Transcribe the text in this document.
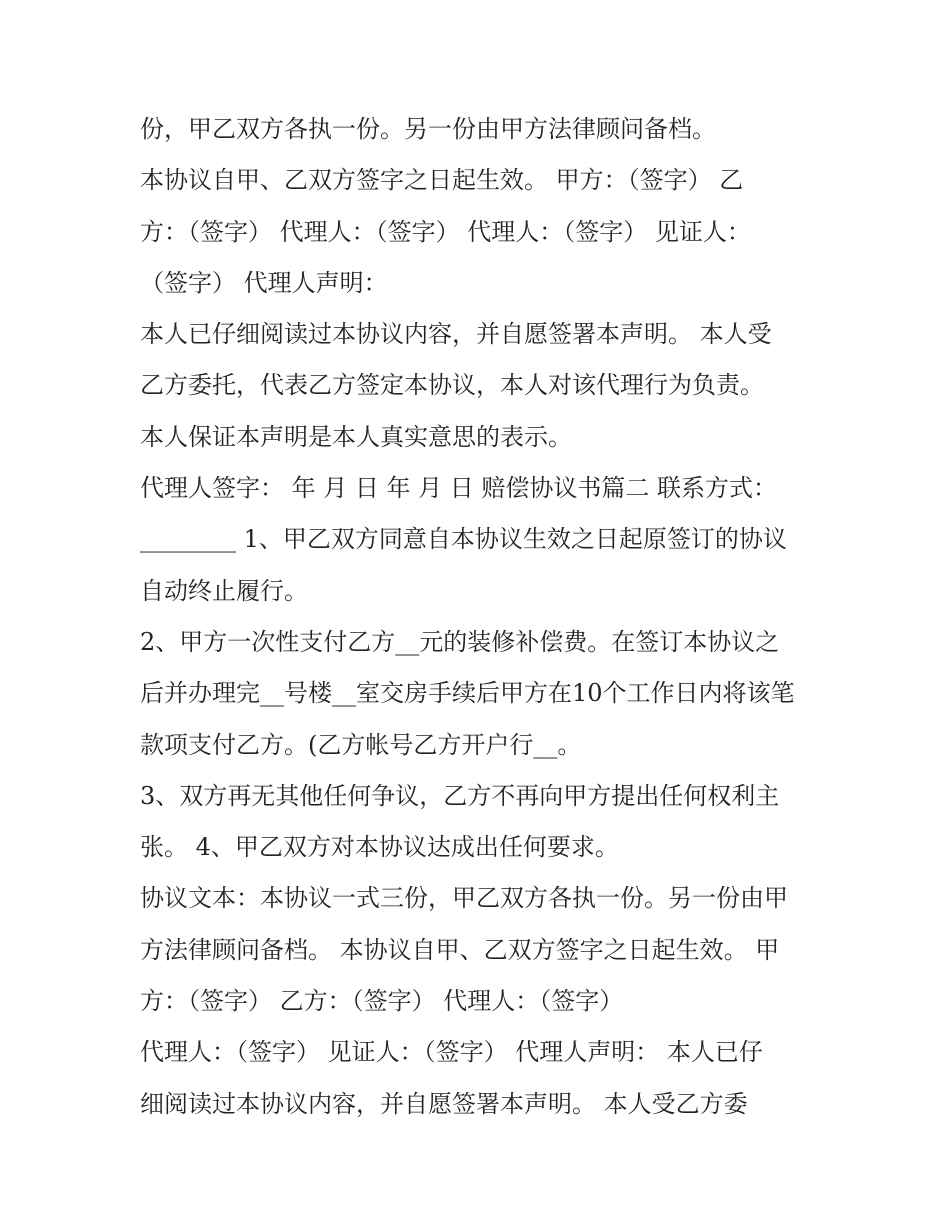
份，甲乙双方各执一份。另一份由甲方法律顾问备档。
本协议自甲、乙双方签字之日起生效。 甲方：（签字） 乙
方：（签字） 代理人：（签字） 代理人：（签字） 见证人：
（签字） 代理人声明：
本人已仔细阅读过本协议内容，并自愿签署本声明。 本人受
乙方委托，代表乙方签定本协议，本人对该代理行为负责。
本人保证本声明是本人真实意思的表示。
代理人签字： 年 月 日 年 月 日 赔偿协议书篇二 联系方式：
________ 1、甲乙双方同意自本协议生效之日起原签订的协议
自动终止履行。
2、甲方一次性支付乙方__元的装修补偿费。在签订本协议之
后并办理完__号楼__室交房手续后甲方在10个工作日内将该笔
款项支付乙方。(乙方帐号乙方开户行__。
3、双方再无其他任何争议，乙方不再向甲方提出任何权利主
张。 4、甲乙双方对本协议达成出任何要求。
协议文本：本协议一式三份，甲乙双方各执一份。另一份由甲
方法律顾问备档。 本协议自甲、乙双方签字之日起生效。 甲
方：（签字） 乙方：（签字） 代理人：（签字）
代理人：（签字） 见证人：（签字） 代理人声明： 本人已仔
细阅读过本协议内容，并自愿签署本声明。 本人受乙方委
